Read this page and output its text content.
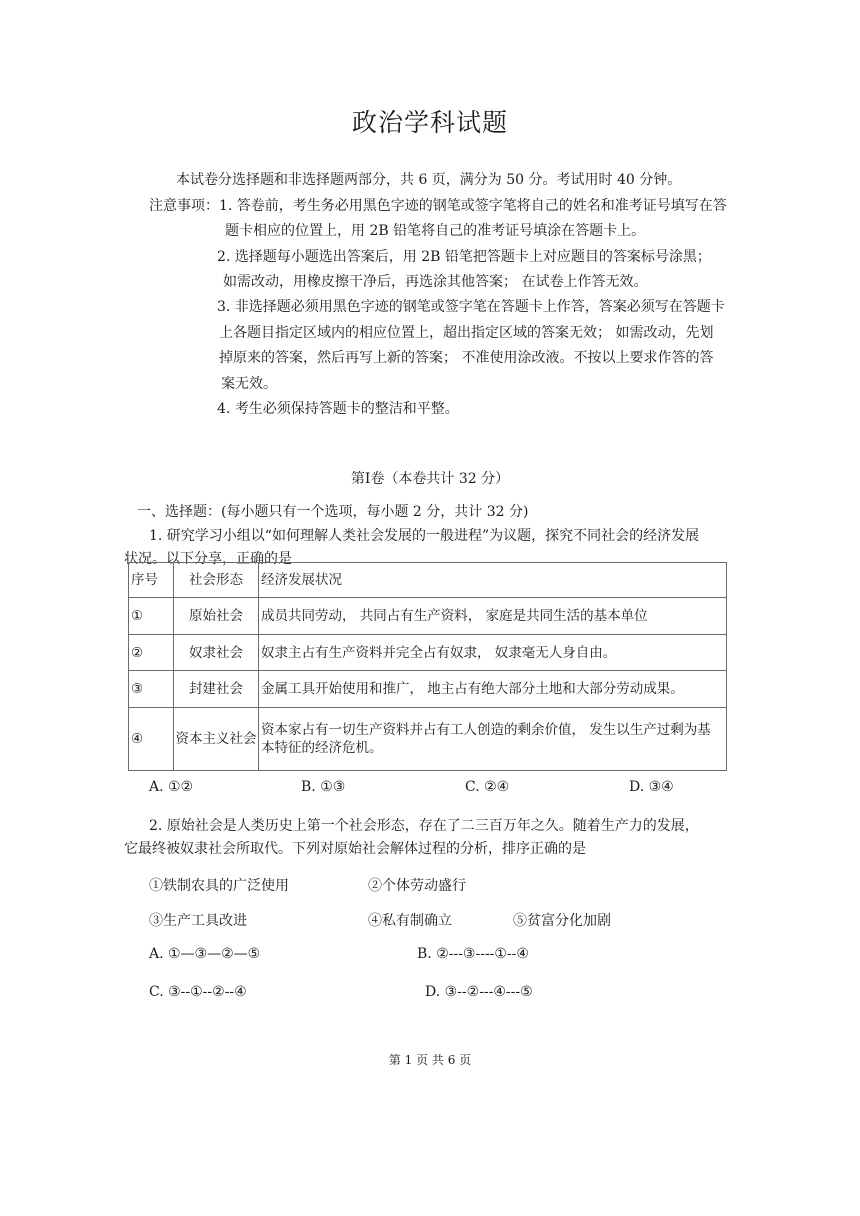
政治学科试题
本试卷分选择题和非选择题两部分，共 6 页，满分为 50 分。考试用时 40 分钟。
注意事项： 1. 答卷前，考生务必用黑色字迹的钢笔或签字笔将自己的姓名和准考证号填写在答
题卡相应的位置上，用 2B 铅笔将自己的准考证号填涂在答题卡上。
2. 选择题每小题选出答案后，用 2B 铅笔把答题卡上对应题目的答案标号涂黑；
如需改动，用橡皮擦干净后，再选涂其他答案； 在试卷上作答无效。
3. 非选择题必须用黑色字迹的钢笔或签字笔在答题卡上作答，答案必须写在答题卡
上各题目指定区域内的相应位置上，超出指定区域的答案无效； 如需改动，先划
掉原来的答案，然后再写上新的答案； 不准使用涂改液。不按以上要求作答的答
案无效。
4. 考生必须保持答题卡的整洁和平整。
第Ⅰ卷（本卷共计 32 分）
一、选择题：(每小题只有一个选项，每小题 2 分，共计 32 分)
1. 研究学习小组以“如何理解人类社会发展的一般进程”为议题，探究不同社会的经济发展
状况。以下分享，正确的是
序号	社会形态	经济发展状况
①	原始社会	成员共同劳动， 共同占有生产资料， 家庭是共同生活的基本单位
②	奴隶社会	奴隶主占有生产资料并完全占有奴隶， 奴隶毫无人身自由。
③	封建社会	金属工具开始使用和推广， 地主占有绝大部分土地和大部分劳动成果。
④	资本主义社会	资本家占有一切生产资料并占有工人创造的剩余价值， 发生以生产过剩为基本特征的经济危机。
A. ①②	B. ①③	C. ②④	D. ③④
2. 原始社会是人类历史上第一个社会形态，存在了二三百万年之久。随着生产力的发展，
它最终被奴隶社会所取代。下列对原始社会解体过程的分析，排序正确的是
①铁制农具的广泛使用	②个体劳动盛行
③生产工具改进	④私有制确立	⑤贫富分化加剧
A. ①—③—②—⑤	B. ②---③----①--④
C. ③--①--②--④	D. ③--②---④---⑤
第 1 页 共 6 页
